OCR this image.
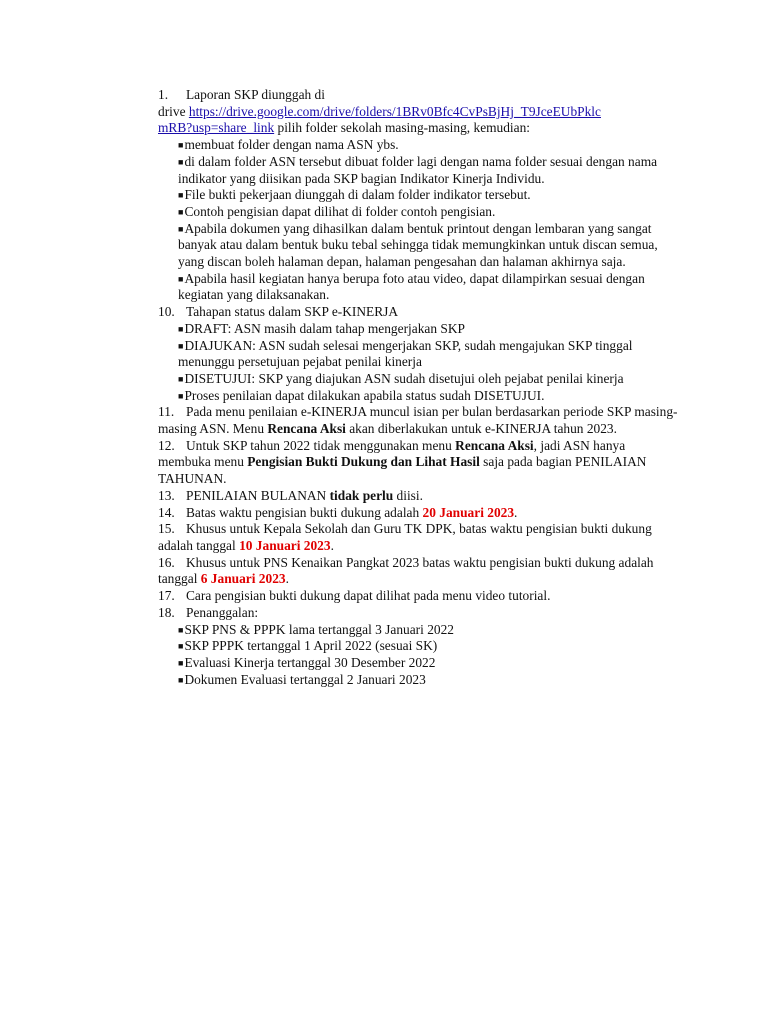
1. Laporan SKP diunggah di
drive https://drive.google.com/drive/folders/1BRv0Bfc4CvPsBjHj_T9JceEUbPklc
mRB?usp=share_link pilih folder sekolah masing-masing, kemudian:
■membuat folder dengan nama ASN ybs.
■di dalam folder ASN tersebut dibuat folder lagi dengan nama folder sesuai dengan nama indikator yang diisikan pada SKP bagian Indikator Kinerja Individu.
■File bukti pekerjaan diunggah di dalam folder indikator tersebut.
■Contoh pengisian dapat dilihat di folder contoh pengisian.
■Apabila dokumen yang dihasilkan dalam bentuk printout dengan lembaran yang sangat banyak atau dalam bentuk buku tebal sehingga tidak memungkinkan untuk discan semua, yang discan boleh halaman depan, halaman pengesahan dan halaman akhirnya saja.
■Apabila hasil kegiatan hanya berupa foto atau video, dapat dilampirkan sesuai dengan kegiatan yang dilaksanakan.
10. Tahapan status dalam SKP e-KINERJA
■DRAFT: ASN masih dalam tahap mengerjakan SKP
■DIAJUKAN: ASN sudah selesai mengerjakan SKP, sudah mengajukan SKP tinggal menunggu persetujuan pejabat penilai kinerja
■DISETUJUI: SKP yang diajukan ASN sudah disetujui oleh pejabat penilai kinerja
■Proses penilaian dapat dilakukan apabila status sudah DISETUJUI.
11. Pada menu penilaian e-KINERJA muncul isian per bulan berdasarkan periode SKP masing-masing ASN. Menu Rencana Aksi akan diberlakukan untuk e-KINERJA tahun 2023.
12. Untuk SKP tahun 2022 tidak menggunakan menu Rencana Aksi, jadi ASN hanya membuka menu Pengisian Bukti Dukung dan Lihat Hasil saja pada bagian PENILAIAN TAHUNAN.
13. PENILAIAN BULANAN tidak perlu diisi.
14. Batas waktu pengisian bukti dukung adalah 20 Januari 2023.
15. Khusus untuk Kepala Sekolah dan Guru TK DPK, batas waktu pengisian bukti dukung adalah tanggal 10 Januari 2023.
16. Khusus untuk PNS Kenaikan Pangkat 2023 batas waktu pengisian bukti dukung adalah tanggal 6 Januari 2023.
17. Cara pengisian bukti dukung dapat dilihat pada menu video tutorial.
18. Penanggalan:
■SKP PNS & PPPK lama tertanggal 3 Januari 2022
■SKP PPPK tertanggal 1 April 2022 (sesuai SK)
■Evaluasi Kinerja tertanggal 30 Desember 2022
■Dokumen Evaluasi tertanggal 2 Januari 2023
